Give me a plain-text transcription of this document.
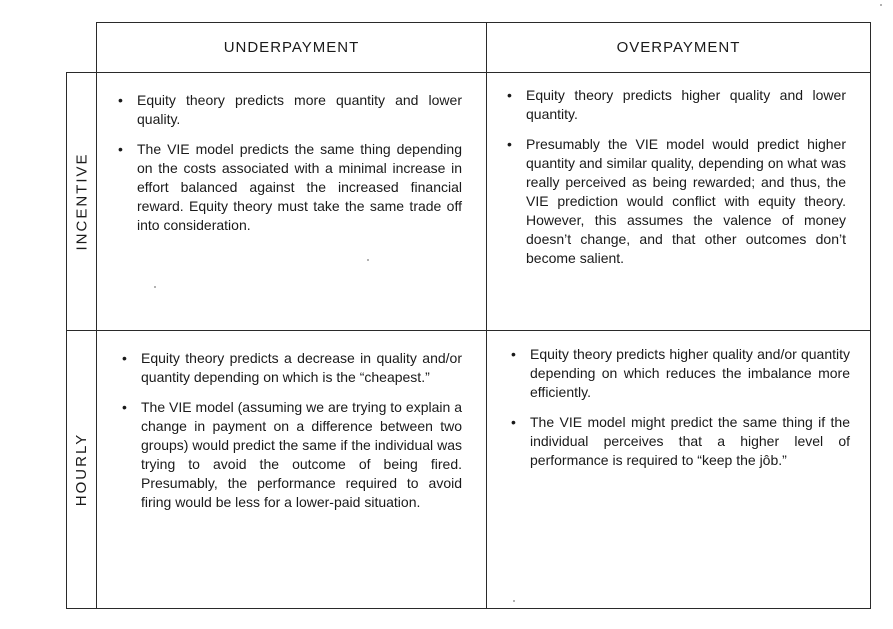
UNDERPAYMENT	OVERPAYMENT
INCENTIVE
HOURLY
• Equity theory predicts more quantity and lower quality.
• The VIE model predicts the same thing depending on the costs associated with a minimal increase in effort balanced against the increased financial reward. Equity theory must take the same trade off into consideration.
• Equity theory predicts higher quality and lower quantity.
• Presumably the VIE model would predict higher quantity and similar quality, depending on what was really perceived as being rewarded; and thus, the VIE prediction would conflict with equity theory. However, this assumes the valence of money doesn’t change, and that other outcomes don’t become salient.
• Equity theory predicts a decrease in quality and/or quantity depending on which is the “cheapest.”
• The VIE model (assuming we are trying to explain a change in payment on a difference between two groups) would predict the same if the individual was trying to avoid the outcome of being fired. Presumably, the performance required to avoid firing would be less for a lower-paid situation.
• Equity theory predicts higher quality and/or quantity depending on which reduces the imbalance more efficiently.
• The VIE model might predict the same thing if the individual perceives that a higher level of performance is required to “keep the jôb.”
